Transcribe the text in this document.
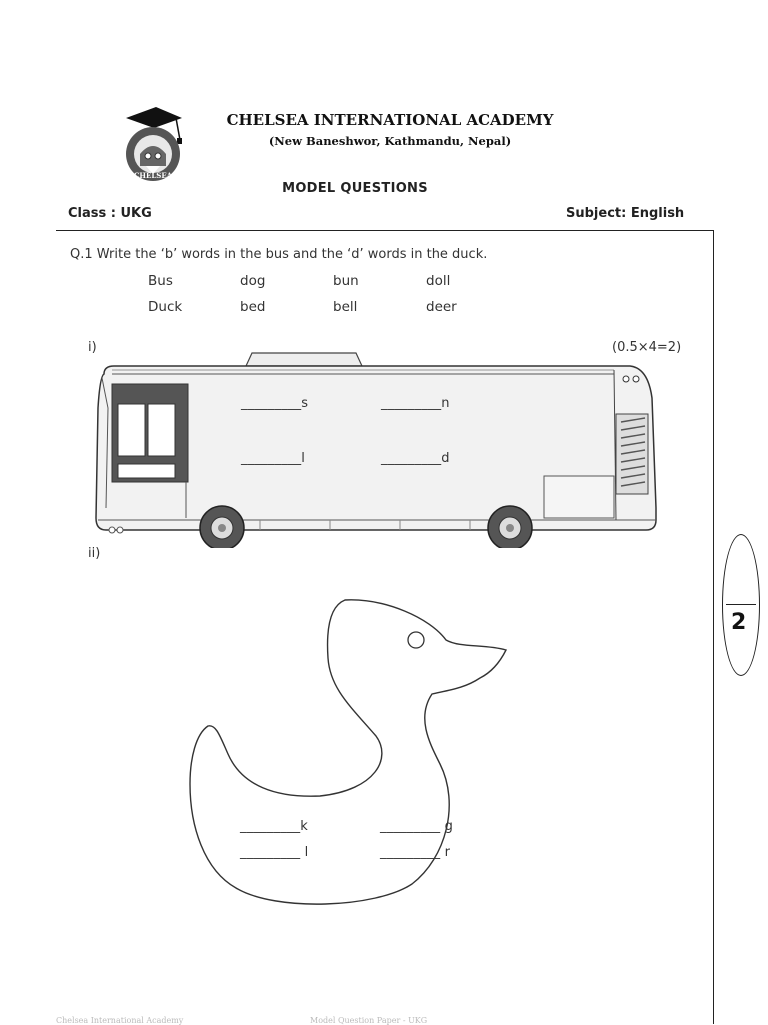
CHELSEA
CHELSEA INTERNATIONAL ACADEMY
(New Baneshwor, Kathmandu, Nepal)
MODEL QUESTIONS
Class : UKG	Subject: English
Q.1 Write the ‘b’ words in the bus and the ‘d’ words in the duck.
Bus	dog	bun	doll
Duck	bed	bell	deer
i)	(0.5×4=2)
_________s	_________n
_________l	_________d
ii)
_________k	_________ g
_________ l	_________ r
2
Chelsea International Academy	Model Question Paper - UKG
